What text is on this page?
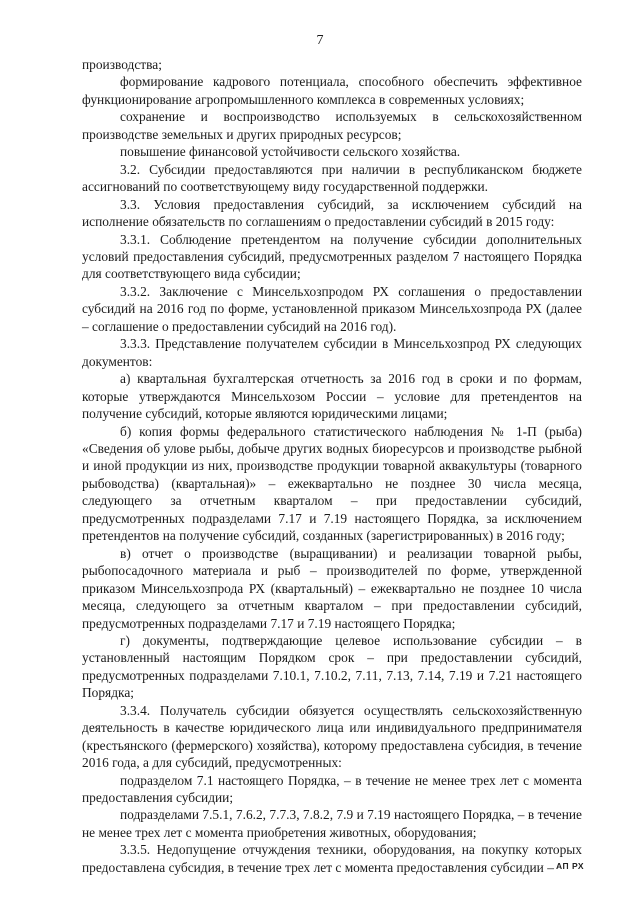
7

производства;

формирование кадрового потенциала, способного обеспечить эффективное функционирование агропромышленного комплекса в современных условиях;

сохранение и воспроизводство используемых в сельскохозяйственном производстве земельных и других природных ресурсов;

повышение финансовой устойчивости сельского хозяйства.

3.2. Субсидии предоставляются при наличии в республиканском бюджете ассигнований по соответствующему виду государственной поддержки.

3.3. Условия предоставления субсидий, за исключением субсидий на исполнение обязательств по соглашениям о предоставлении субсидий в 2015 году:

3.3.1. Соблюдение претендентом на получение субсидии дополнительных условий предоставления субсидий, предусмотренных разделом 7 настоящего Порядка для соответствующего вида субсидии;

3.3.2. Заключение с Минсельхозпродом РХ соглашения о предоставлении субсидий на 2016 год по форме, установленной приказом Минсельхозпрода РХ (далее – соглашение о предоставлении субсидий на 2016 год).

3.3.3. Представление получателем субсидии в Минсельхозпрод РХ следующих документов:

а) квартальная бухгалтерская отчетность за 2016 год в сроки и по формам, которые утверждаются Минсельхозом России – условие для претендентов на получение субсидий, которые являются юридическими лицами;

б) копия формы федерального статистического наблюдения № 1-П (рыба) «Сведения об улове рыбы, добыче других водных биоресурсов и производстве рыбной и иной продукции из них, производстве продукции товарной аквакультуры (товарного рыбоводства) (квартальная)» – ежеквартально не позднее 30 числа месяца, следующего за отчетным кварталом – при предоставлении субсидий, предусмотренных подразделами 7.17 и 7.19 настоящего Порядка, за исключением претендентов на получение субсидий, созданных (зарегистрированных) в 2016 году;

в) отчет о производстве (выращивании) и реализации товарной рыбы, рыбопосадочного материала и рыб – производителей по форме, утвержденной приказом Минсельхозпрода РХ (квартальный) – ежеквартально не позднее 10 числа месяца, следующего за отчетным кварталом – при предоставлении субсидий, предусмотренных подразделами 7.17 и 7.19 настоящего Порядка;

г) документы, подтверждающие целевое использование субсидии – в установленный настоящим Порядком срок – при предоставлении субсидий, предусмотренных подразделами 7.10.1, 7.10.2, 7.11, 7.13, 7.14, 7.19 и 7.21 настоящего Порядка;

3.3.4. Получатель субсидии обязуется осуществлять сельскохозяйственную деятельность в качестве юридического лица или индивидуального предпринимателя (крестьянского (фермерского) хозяйства), которому предоставлена субсидия, в течение 2016 года, а для субсидий, предусмотренных:

подразделом 7.1 настоящего Порядка, – в течение не менее трех лет с момента предоставления субсидии;

подразделами 7.5.1, 7.6.2, 7.7.3, 7.8.2, 7.9 и 7.19 настоящего Порядка, – в течение не менее трех лет с момента приобретения животных, оборудования;

3.3.5. Недопущение отчуждения техники, оборудования, на покупку которых предоставлена субсидия, в течение трех лет с момента предоставления субсидии – АП РХ
